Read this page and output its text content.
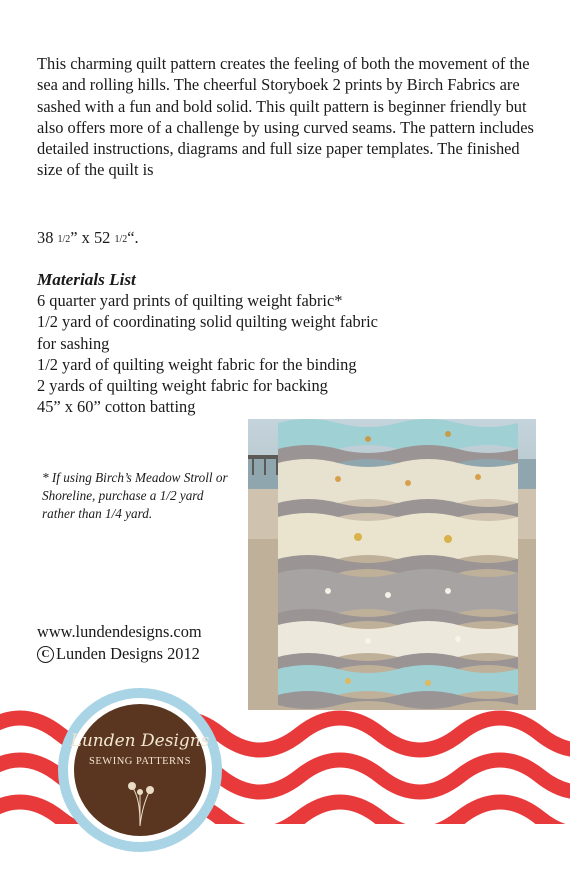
This charming quilt pattern creates the feeling of both the movement of the sea and rolling hills. The cheerful Storyboek 2 prints by Birch Fabrics are sashed with a fun and bold solid. This quilt pattern is beginner friendly but also offers more of a challenge by using curved seams. The pattern includes detailed instructions, diagrams and full size paper templates. The finished size of the quilt is

38 $_{1/2}$” x 52 $_{1/2}$“.

Materials List
6 quarter yard prints of quilting weight fabric*
1/2 yard of coordinating solid quilting weight fabric
for sashing
1/2 yard of quilting weight fabric for the binding
2 yards of quilting weight fabric for backing
45” x 60” cotton batting

* If using Birch’s Meadow Stroll or Shoreline, purchase a 1/2 yard rather than 1/4 yard.

www.lundendesigns.com

C Lunden Designs 2012

Lunden Designs
SEWING PATTERNS
